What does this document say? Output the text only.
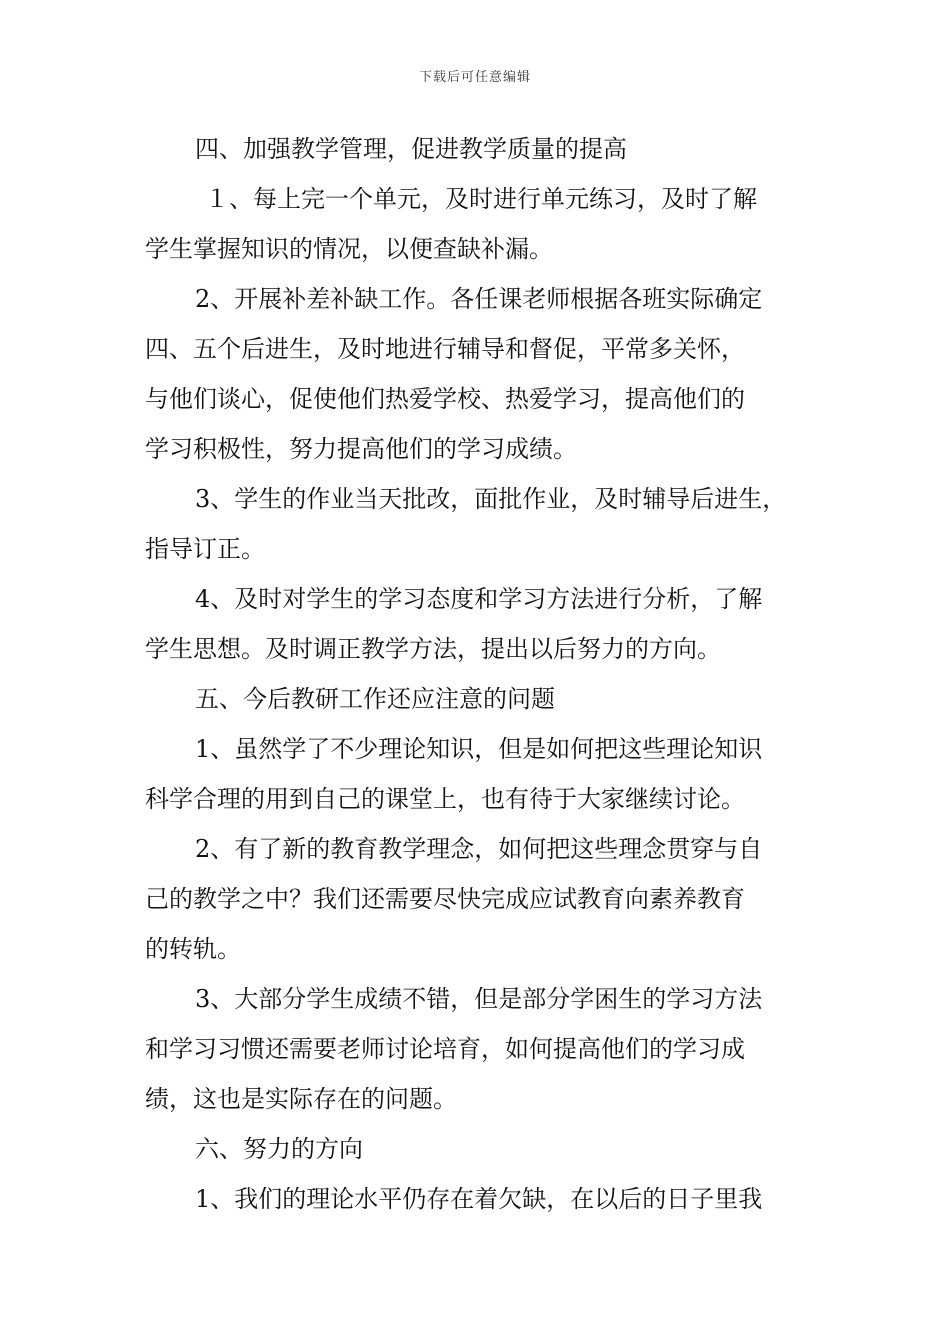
下载后可任意编辑
四、加强教学管理，促进教学质量的提高
１、每上完一个单元，及时进行单元练习，及时了解
学生掌握知识的情况，以便查缺补漏。
2、开展补差补缺工作。各任课老师根据各班实际确定
四、五个后进生，及时地进行辅导和督促，平常多关怀，
与他们谈心，促使他们热爱学校、热爱学习，提高他们的
学习积极性，努力提高他们的学习成绩。
3、学生的作业当天批改，面批作业，及时辅导后进生，
指导订正。
4、及时对学生的学习态度和学习方法进行分析，了解
学生思想。及时调正教学方法，提出以后努力的方向。
五、今后教研工作还应注意的问题
1、虽然学了不少理论知识，但是如何把这些理论知识
科学合理的用到自己的课堂上，也有待于大家继续讨论。
2、有了新的教育教学理念，如何把这些理念贯穿与自
己的教学之中？我们还需要尽快完成应试教育向素养教育
的转轨。
3、大部分学生成绩不错，但是部分学困生的学习方法
和学习习惯还需要老师讨论培育，如何提高他们的学习成
绩，这也是实际存在的问题。
六、努力的方向
1、我们的理论水平仍存在着欠缺，在以后的日子里我
